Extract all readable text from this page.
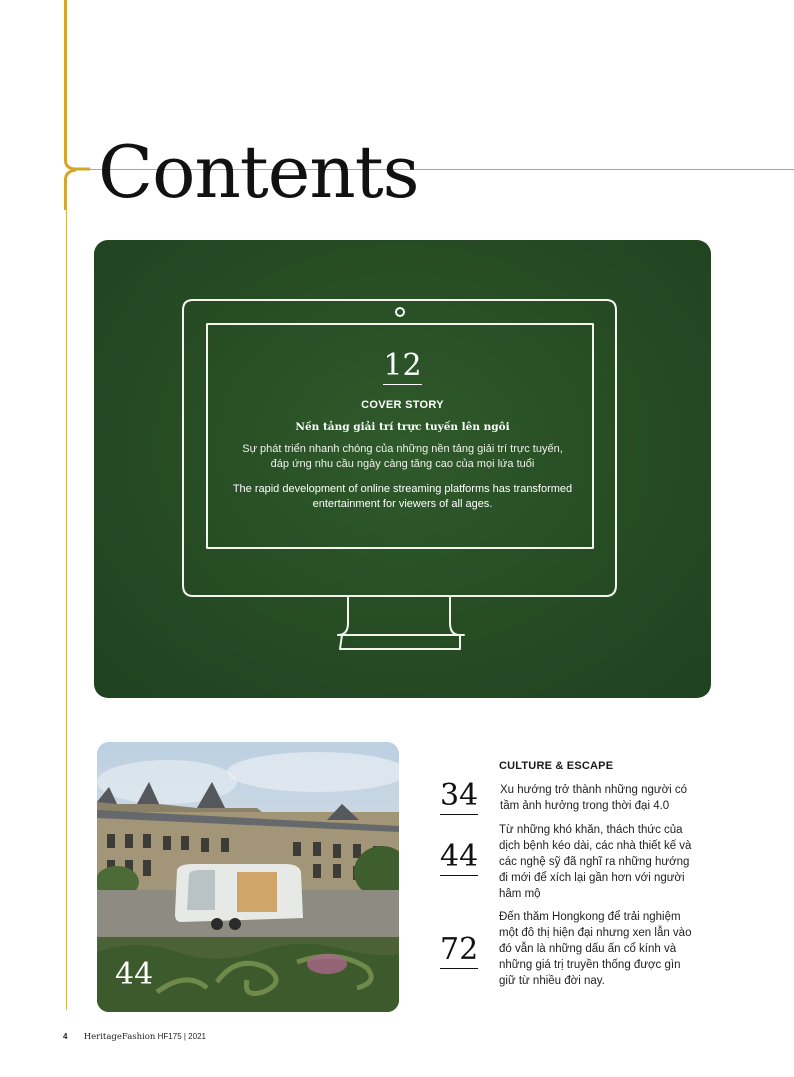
Contents
12
COVER STORY
Nền tảng giải trí trực tuyến lên ngôi
Sự phát triển nhanh chóng của những nền tảng giải trí trực tuyến, đáp ứng nhu cầu ngày càng tăng cao của mọi lứa tuổi
The rapid development of online streaming platforms has transformed entertainment for viewers of all ages.
44
CULTURE & ESCAPE
34 Xu hướng trở thành những người có tầm ảnh hưởng trong thời đại 4.0
44
Từ những khó khăn, thách thức của dịch bệnh kéo dài, các nhà thiết kế và các nghệ sỹ đã nghĩ ra những hướng đi mới để xích lại gần hơn với người hâm mộ
72
Đến thăm Hongkong để trải nghiệm một đô thị hiện đại nhưng xen lẫn vào đó vẫn là những dấu ấn cổ kính và những giá trị truyền thống được gìn giữ từ nhiều đời nay.
4 HeritageFashion HF175 | 2021
